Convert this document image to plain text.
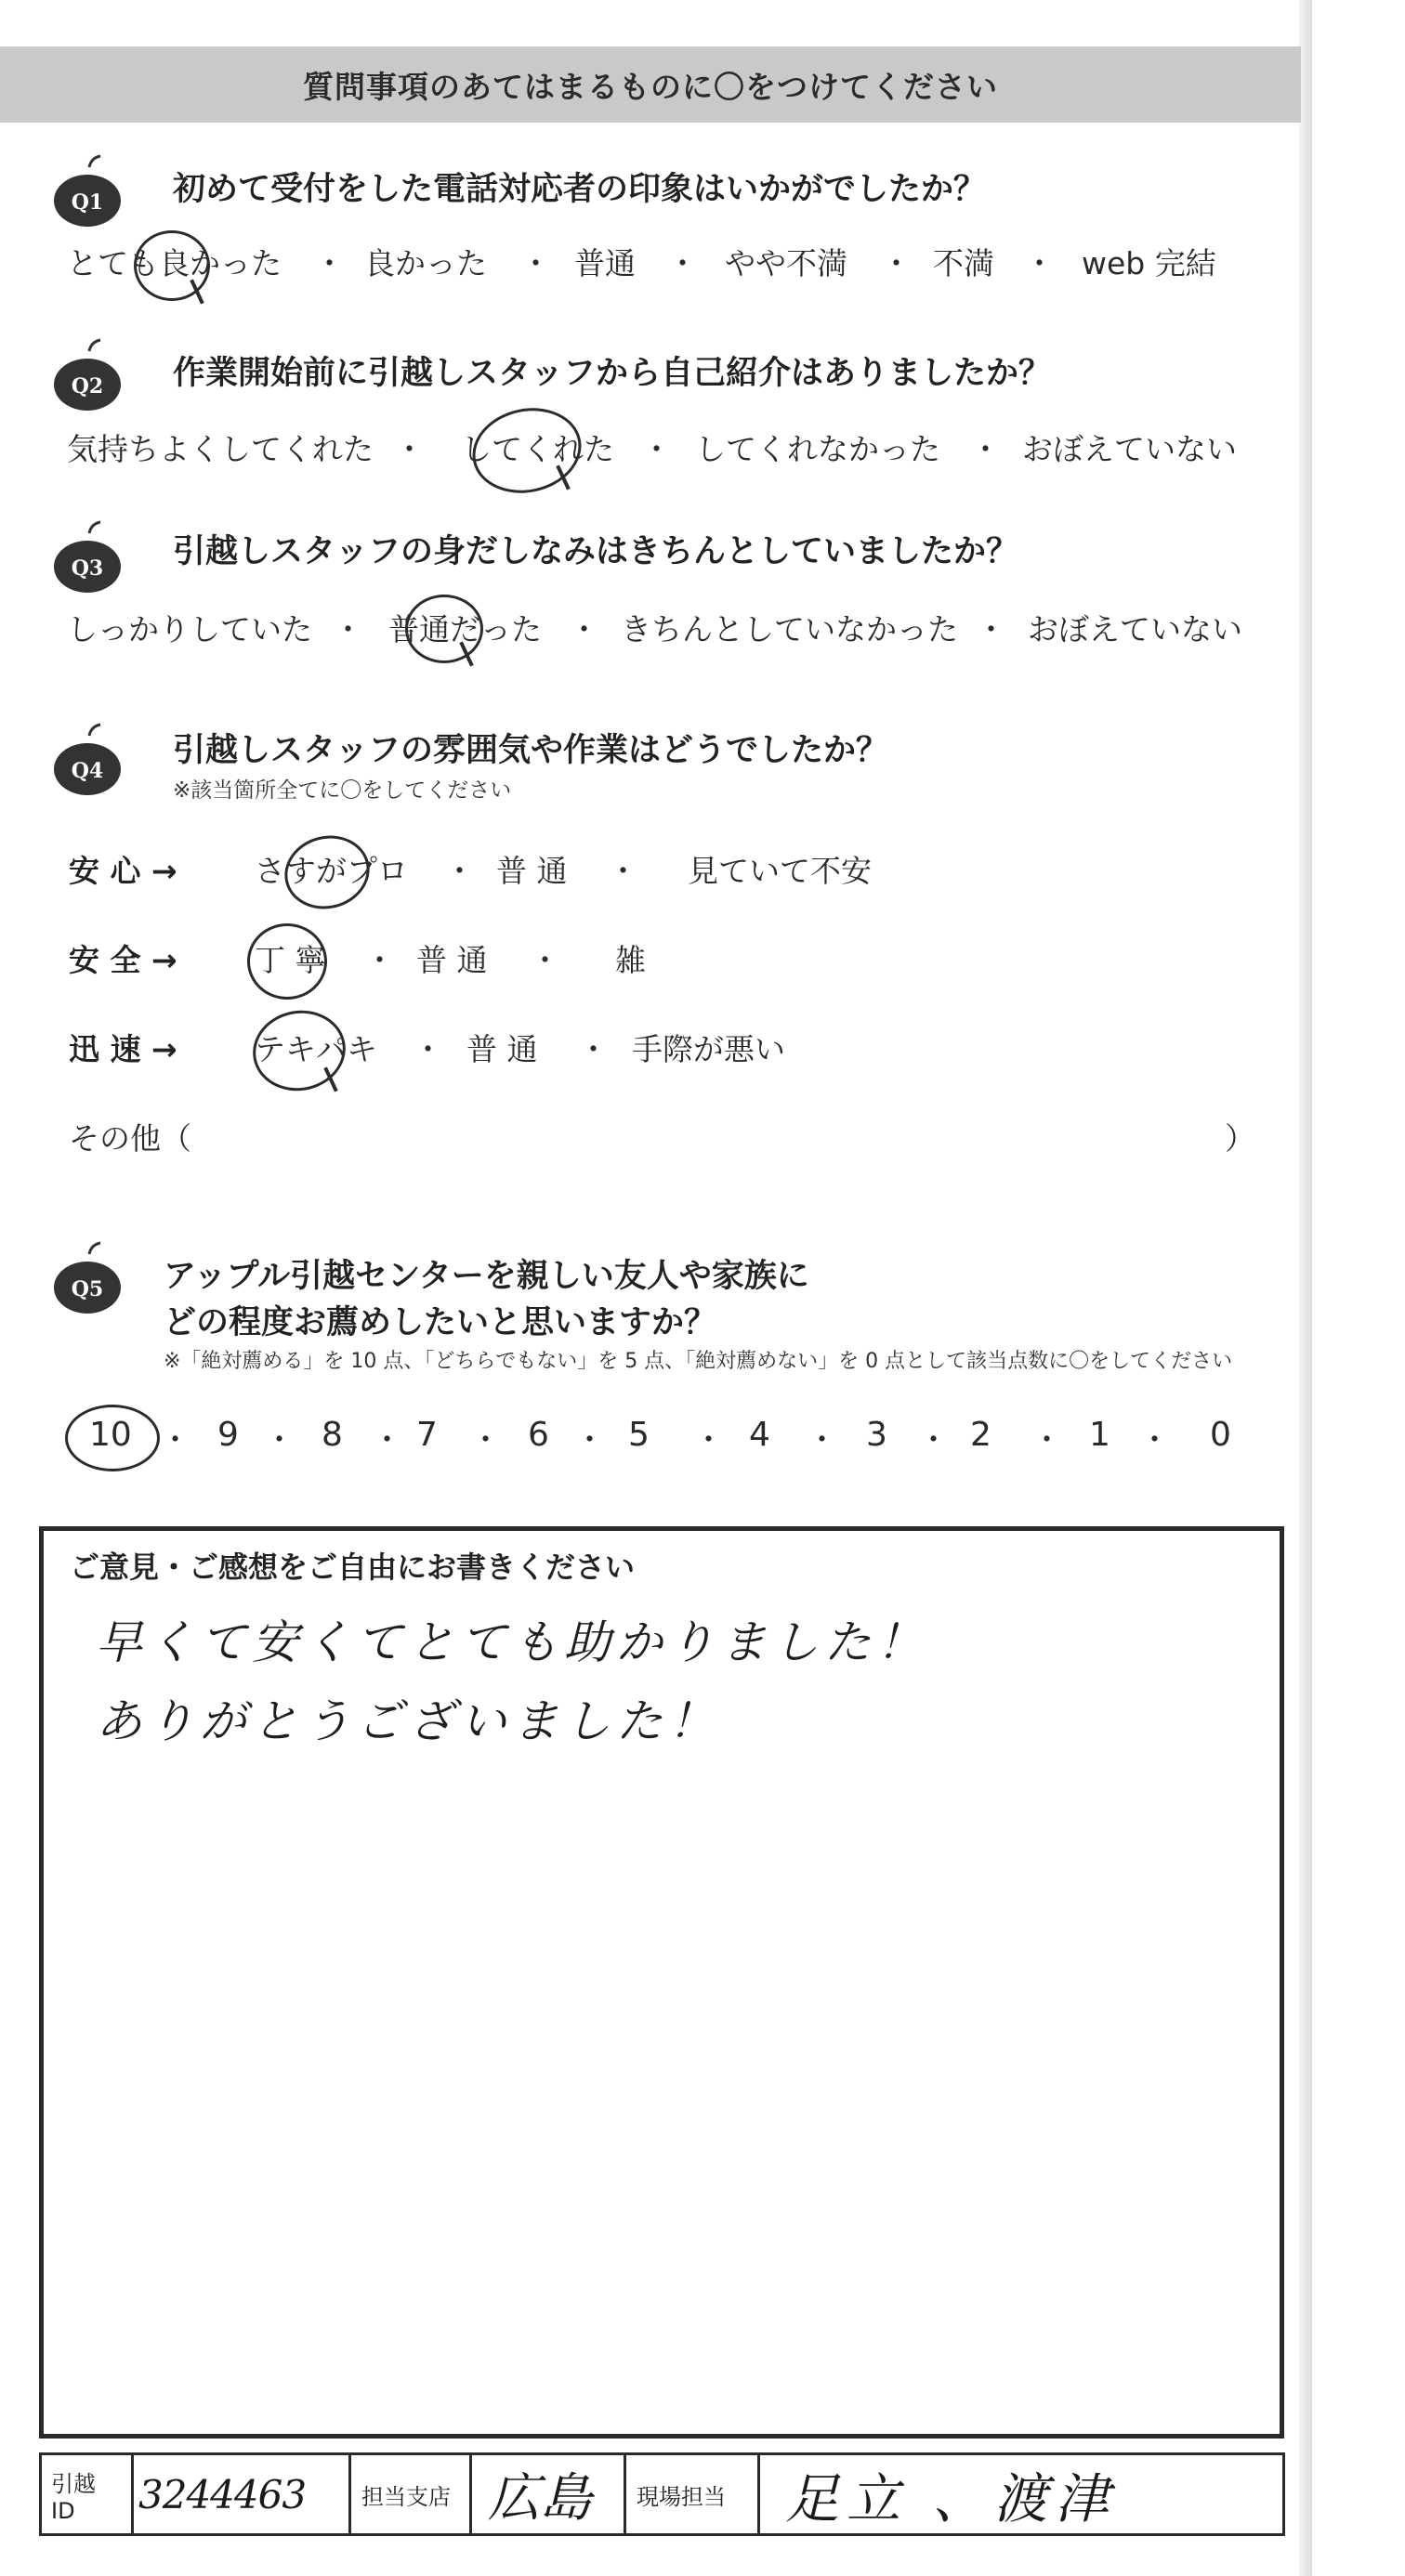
質問事項のあてはまるものに〇をつけてください
Q1 初めて受付をした電話対応者の印象はいかがでしたか？
とても良かった ・ 良かった ・ 普通 ・ やや不満 ・ 不満 ・ web 完結
Q2 作業開始前に引越しスタッフから自己紹介はありましたか？
気持ちよくしてくれた ・ してくれた ・ してくれなかった ・ おぼえていない
Q3 引越しスタッフの身だしなみはきちんとしていましたか？
しっかりしていた ・ 普通だった ・ きちんとしていなかった ・ おぼえていない
Q4
引越しスタッフの雰囲気や作業はどうでしたか？
※該当箇所全てに〇をしてください
安 心 →	さすがプロ ・ 普 通 ・ 見ていて不安
安 全 →	丁 寧 ・ 普 通 ・ 雑
迅 速 →	テキパキ ・ 普 通 ・ 手際が悪い
その他（	）
Q5 アップル引越センターを親しい友人や家族に
どの程度お薦めしたいと思いますか？
※「絶対薦める」を 10 点、「どちらでもない」を 5 点、「絶対薦めない」を 0 点として該当点数に〇をしてください
10 ・ 9 ・ 8 ・ 7 ・ 6 ・ 5 ・ 4 ・ 3 ・ 2 ・ 1 ・ 0
ご意見・ご感想をご自由にお書きください
早くて安くてとても助かりました！
ありがとうございました！
引越 ID	3244463	担当支店 広島	現場担当 足立 、渡津
